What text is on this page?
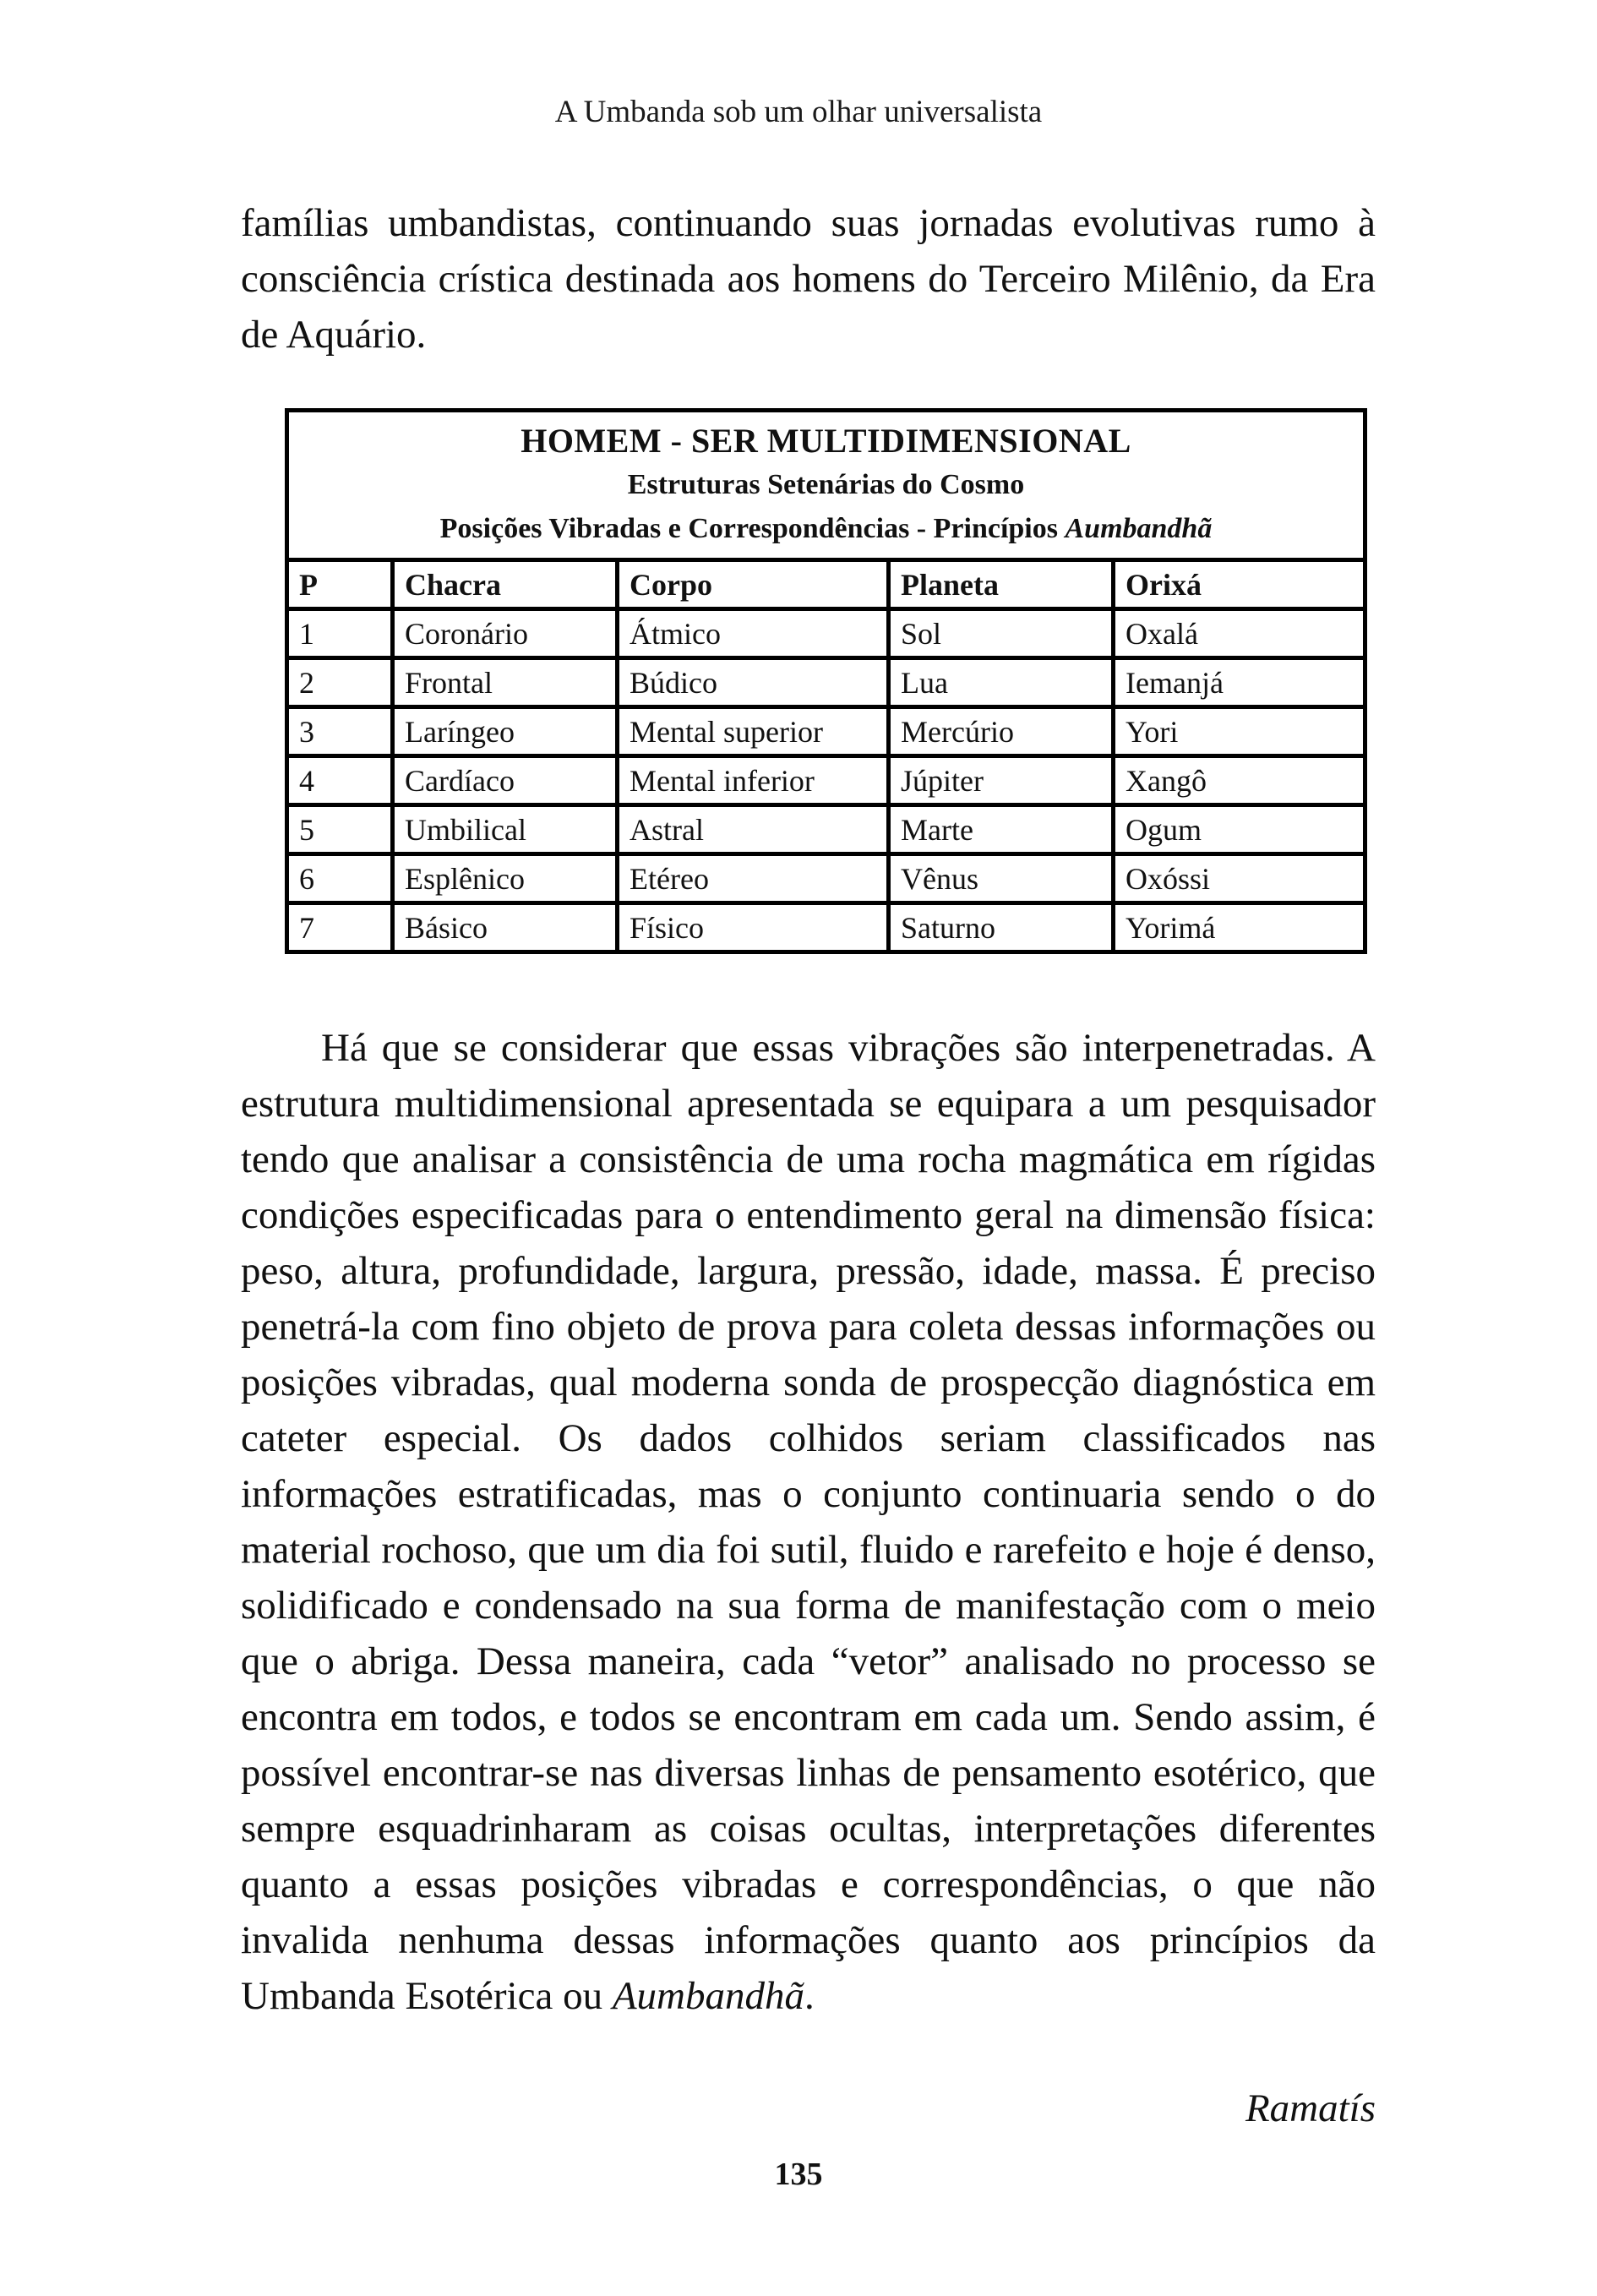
A Umbanda sob um olhar universalista

famílias umbandistas, continuando suas jornadas evolutivas rumo à consciência crística destinada aos homens do Terceiro Milênio, da Era de Aquário.

HOMEM - SER MULTIDIMENSIONAL
Estruturas Setenárias do Cosmo
Posições Vibradas e Correspondências - Princípios Aumbandhã				

P	Chacra	Corpo	Planeta	Orixá
1	Coronário	Átmico	Sol	Oxalá
2	Frontal	Búdico	Lua	Iemanjá
3	Laríngeo	Mental superior	Mercúrio	Yori
4	Cardíaco	Mental inferior	Júpiter	Xangô
5	Umbilical	Astral	Marte	Ogum
6	Esplênico	Etéreo	Vênus	Oxóssi
7	Básico	Físico	Saturno	Yorimá

Há que se considerar que essas vibrações são interpenetradas. A estrutura multidimensional apresentada se equipara a um pesquisador tendo que analisar a consistência de uma rocha magmática em rígidas condições especificadas para o entendimento geral na dimensão física: peso, altura, profundidade, largura, pressão, idade, massa. É preciso penetrá-la com fino objeto de prova para coleta dessas informações ou posições vibradas, qual moderna sonda de prospecção diagnóstica em cateter especial. Os dados colhidos seriam classificados nas informações estratificadas, mas o conjunto continuaria sendo o do material rochoso, que um dia foi sutil, fluido e rarefeito e hoje é denso, solidificado e condensado na sua forma de manifestação com o meio que o abriga. Dessa maneira, cada “vetor” analisado no processo se encontra em todos, e todos se encontram em cada um. Sendo assim, é possível encontrar-se nas diversas linhas de pensamento esotérico, que sempre esquadrinharam as coisas ocultas, interpretações diferentes quanto a essas posições vibradas e correspondências, o que não invalida nenhuma dessas informações quanto aos princípios da Umbanda Esotérica ou Aumbandhã.

Ramatís
135
